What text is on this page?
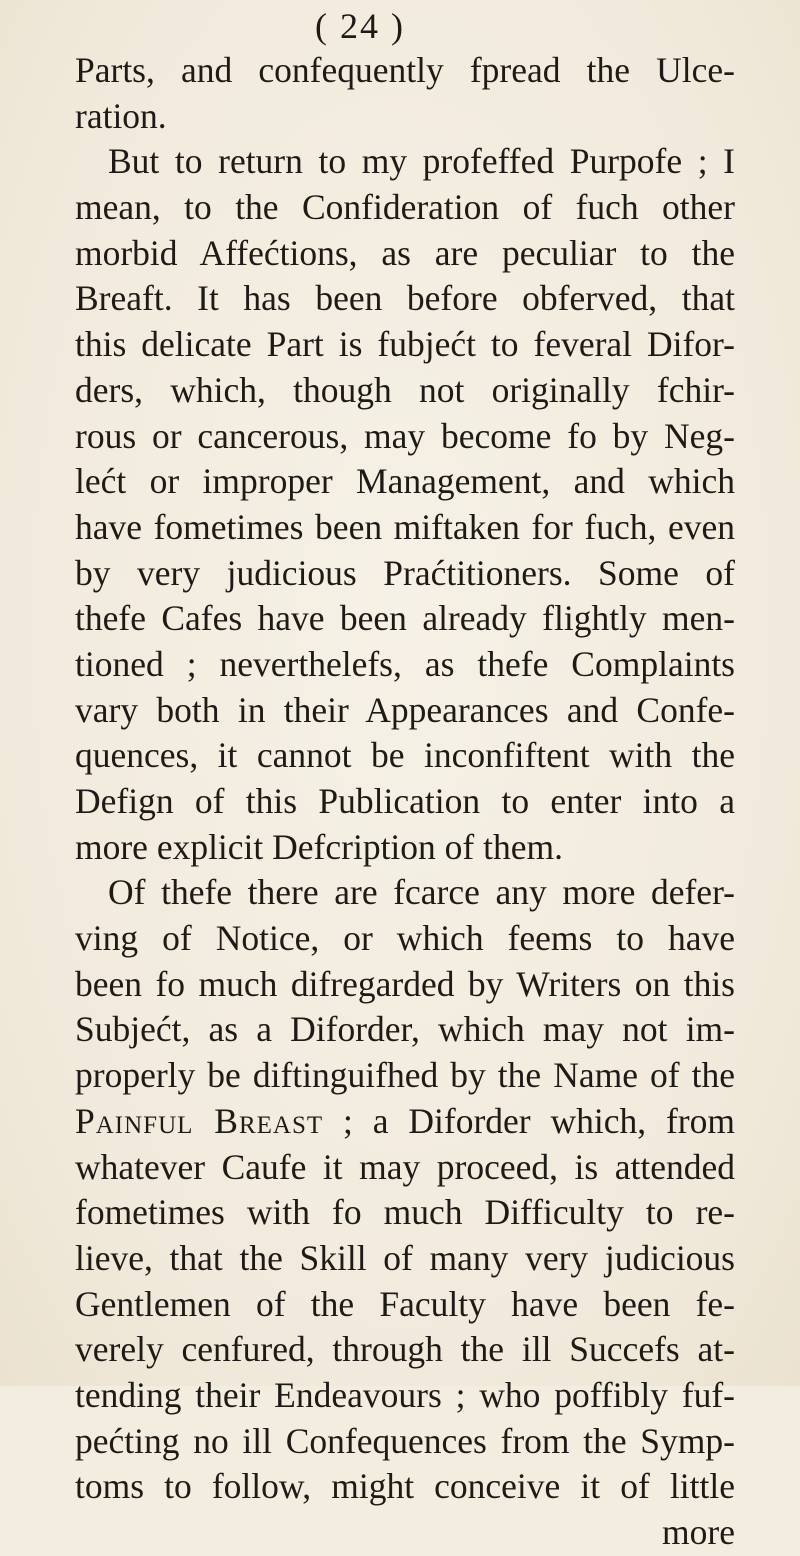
( 24 )
Parts, and confequently fpread the Ulce-
ration.
But to return to my profeffed Purpofe ; I
mean, to the Confideration of fuch other
morbid Affećtions, as are peculiar to the
Breaft. It has been before obferved, that
this delicate Part is fubjećt to feveral Difor-
ders, which, though not originally fchir-
rous or cancerous, may become fo by Neg-
lećt or improper Management, and which
have fometimes been miftaken for fuch, even
by very judicious Praćtitioners. Some of
thefe Cafes have been already flightly men-
tioned ; neverthelefs, as thefe Complaints
vary both in their Appearances and Confe-
quences, it cannot be inconfiftent with the
Defign of this Publication to enter into a
more explicit Defcription of them.
Of thefe there are fcarce any more defer-
ving of Notice, or which feems to have
been fo much difregarded by Writers on this
Subjećt, as a Diforder, which may not im-
properly be diftinguifhed by the Name of the
Painful Breast ; a Diforder which, from
whatever Caufe it may proceed, is attended
fometimes with fo much Difficulty to re-
lieve, that the Skill of many very judicious
Gentlemen of the Faculty have been fe-
verely cenfured, through the ill Succefs at-
tending their Endeavours ; who poffibly fuf-
pećting no ill Confequences from the Symp-
toms to follow, might conceive it of little
more
